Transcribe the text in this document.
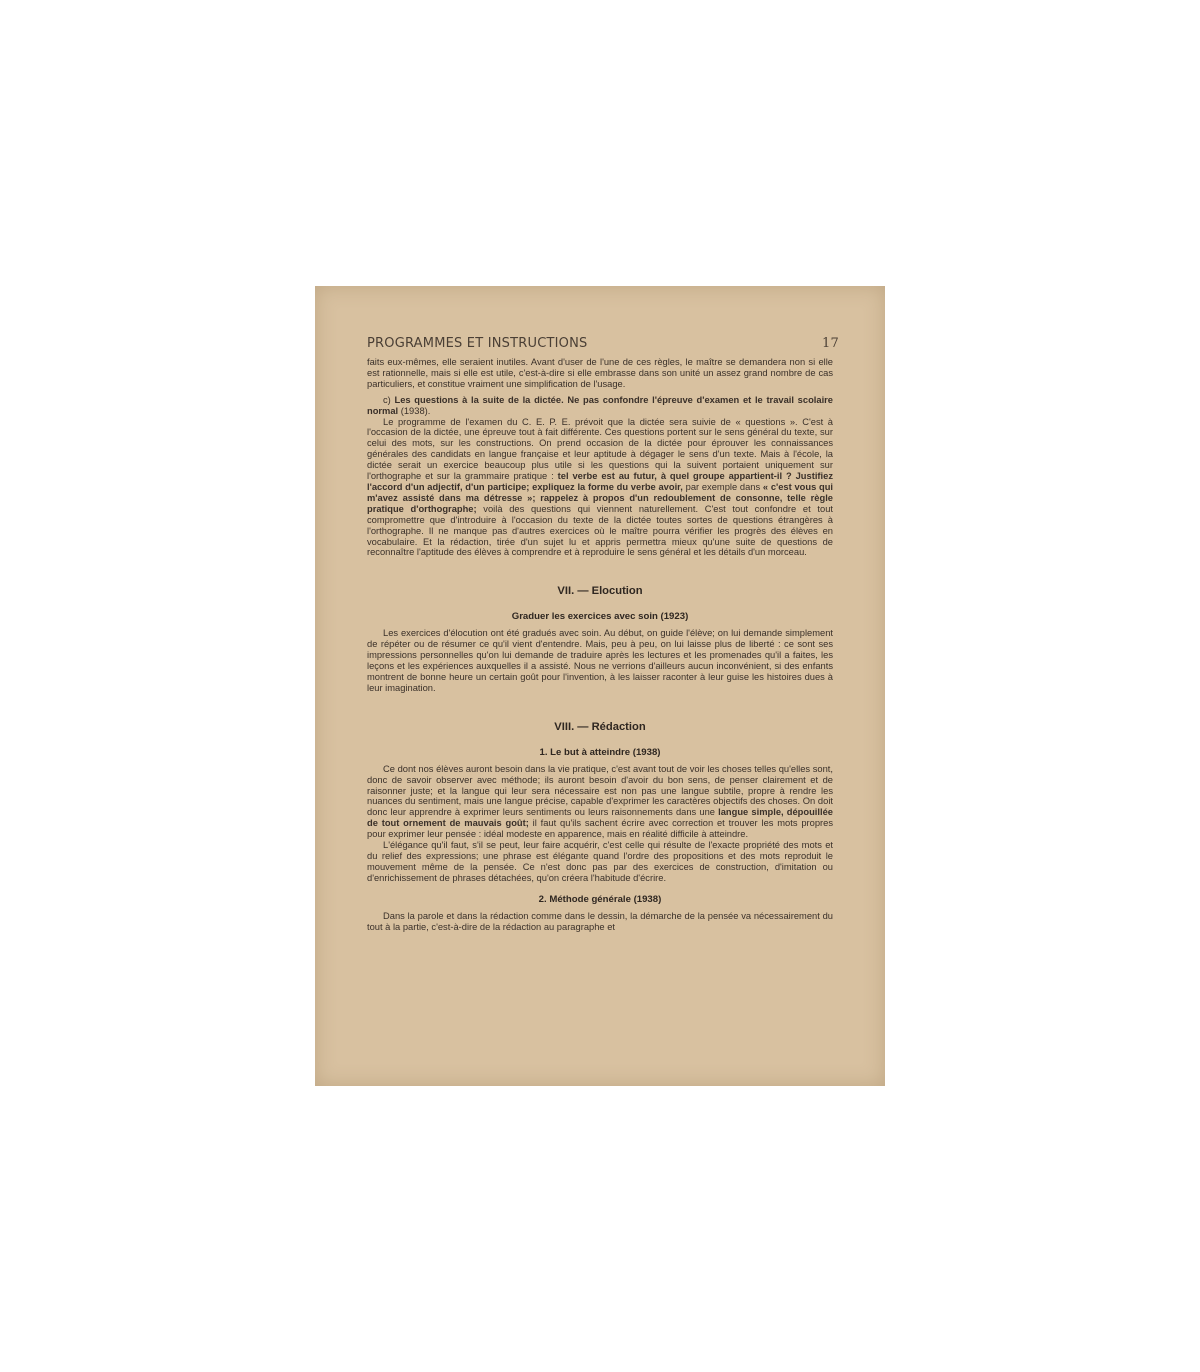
PROGRAMMES ET INSTRUCTIONS	17

faits eux-mêmes, elle seraient inutiles. Avant d'user de l'une de ces règles, le maître se demandera non si elle est rationnelle, mais si elle est utile, c'est-à-dire si elle embrasse dans son unité un assez grand nombre de cas particuliers, et constitue vraiment une simplification de l'usage.

c) Les questions à la suite de la dictée. Ne pas confondre l'épreuve d'examen et le travail scolaire normal (1938).

Le programme de l'examen du C. E. P. E. prévoit que la dictée sera suivie de « questions ». C'est à l'occasion de la dictée, une épreuve tout à fait différente. Ces questions portent sur le sens général du texte, sur celui des mots, sur les constructions. On prend occasion de la dictée pour éprouver les connaissances générales des candidats en langue française et leur aptitude à dégager le sens d'un texte. Mais à l'école, la dictée serait un exercice beaucoup plus utile si les questions qui la suivent portaient uniquement sur l'orthographe et sur la grammaire pratique : tel verbe est au futur, à quel groupe appartient-il ? Justifiez l'accord d'un adjectif, d'un participe; expliquez la forme du verbe avoir, par exemple dans « c'est vous qui m'avez assisté dans ma détresse »; rappelez à propos d'un redoublement de consonne, telle règle pratique d'orthographe; voilà des questions qui viennent naturellement. C'est tout confondre et tout compromettre que d'introduire à l'occasion du texte de la dictée toutes sortes de questions étrangères à l'orthographe. Il ne manque pas d'autres exercices où le maître pourra vérifier les progrès des élèves en vocabulaire. Et la rédaction, tirée d'un sujet lu et appris permettra mieux qu'une suite de questions de reconnaître l'aptitude des élèves à comprendre et à reproduire le sens général et les détails d'un morceau.

VII. — Elocution
Graduer les exercices avec soin (1923)

Les exercices d'élocution ont été gradués avec soin. Au début, on guide l'élève; on lui demande simplement de répéter ou de résumer ce qu'il vient d'entendre. Mais, peu à peu, on lui laisse plus de liberté : ce sont ses impressions personnelles qu'on lui demande de traduire après les lectures et les promenades qu'il a faites, les leçons et les expériences auxquelles il a assisté. Nous ne verrions d'ailleurs aucun inconvénient, si des enfants montrent de bonne heure un certain goût pour l'invention, à les laisser raconter à leur guise les histoires dues à leur imagination.

VIII. — Rédaction
1. Le but à atteindre (1938)

Ce dont nos élèves auront besoin dans la vie pratique, c'est avant tout de voir les choses telles qu'elles sont, donc de savoir observer avec méthode; ils auront besoin d'avoir du bon sens, de penser clairement et de raisonner juste; et la langue qui leur sera nécessaire est non pas une langue subtile, propre à rendre les nuances du sentiment, mais une langue précise, capable d'exprimer les caractères objectifs des choses. On doit donc leur apprendre à exprimer leurs sentiments ou leurs raisonnements dans une langue simple, dépouillée de tout ornement de mauvais goût; il faut qu'ils sachent écrire avec correction et trouver les mots propres pour exprimer leur pensée : idéal modeste en apparence, mais en réalité difficile à atteindre.

L'élégance qu'il faut, s'il se peut, leur faire acquérir, c'est celle qui résulte de l'exacte propriété des mots et du relief des expressions; une phrase est élégante quand l'ordre des propositions et des mots reproduit le mouvement même de la pensée. Ce n'est donc pas par des exercices de construction, d'imitation ou d'enrichissement de phrases détachées, qu'on créera l'habitude d'écrire.

2. Méthode générale (1938)

Dans la parole et dans la rédaction comme dans le dessin, la démarche de la pensée va nécessairement du tout à la partie, c'est-à-dire de la rédaction au paragraphe et
